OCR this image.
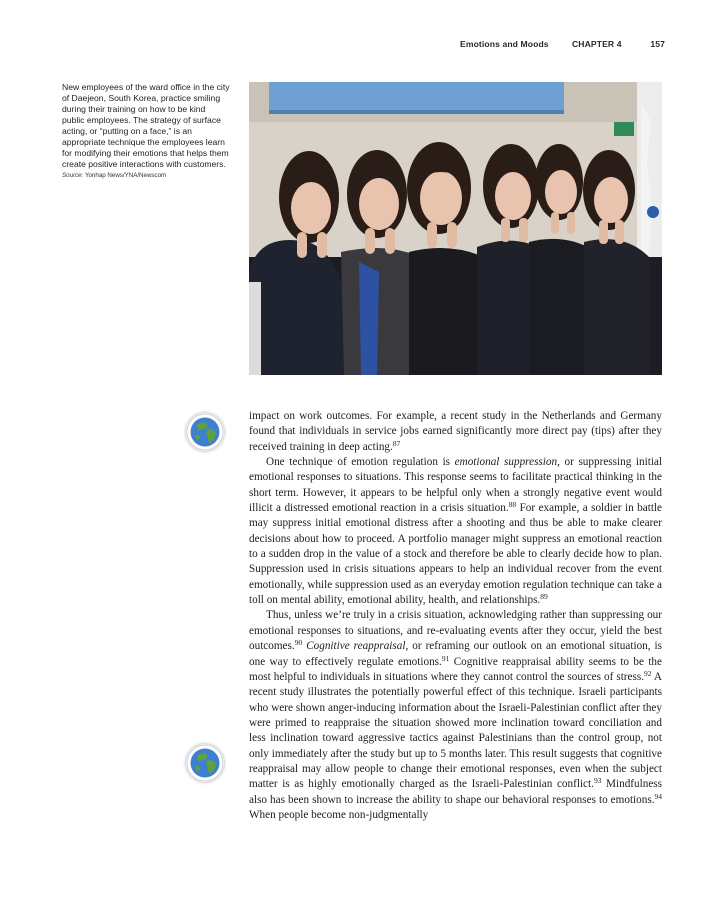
Emotions and Moods	CHAPTER 4	157
New employees of the ward office in the city of Daejeon, South Korea, practice smiling during their training on how to be kind public employees. The strategy of surface acting, or “putting on a face,” is an appropriate technique the employees learn for modifying their emotions that helps them create positive interactions with customers.
Source: Yonhap News/YNA/Newscom

impact on work outcomes. For example, a recent study in the Netherlands and Germany found that individuals in service jobs earned significantly more direct pay (tips) after they received training in deep acting.$^{87}$

One technique of emotion regulation is emotional suppression, or suppressing initial emotional responses to situations. This response seems to facilitate practical thinking in the short term. However, it appears to be helpful only when a strongly negative event would illicit a distressed emotional reaction in a crisis situation.$^{88}$ For example, a soldier in battle may suppress initial emotional distress after a shooting and thus be able to make clearer decisions about how to proceed. A portfolio manager might suppress an emotional reaction to a sudden drop in the value of a stock and therefore be able to clearly decide how to plan. Suppression used in crisis situations appears to help an individual recover from the event emotionally, while suppression used as an everyday emotion regulation technique can take a toll on mental ability, emotional ability, health, and relationships.$^{89}$

Thus, unless we’re truly in a crisis situation, acknowledging rather than suppressing our emotional responses to situations, and re-evaluating events after they occur, yield the best outcomes.$^{90}$ Cognitive reappraisal, or reframing our outlook on an emotional situation, is one way to effectively regulate emotions.$^{91}$ Cognitive reappraisal ability seems to be the most helpful to individuals in situations where they cannot control the sources of stress.$^{92}$ A recent study illustrates the potentially powerful effect of this technique. Israeli participants who were shown anger-inducing information about the Israeli-Palestinian conflict after they were primed to reappraise the situation showed more inclination toward conciliation and less inclination toward aggressive tactics against Palestinians than the control group, not only immediately after the study but up to 5 months later. This result suggests that cognitive reappraisal may allow people to change their emotional responses, even when the subject matter is as highly emotionally charged as the Israeli-Palestinian conflict.$^{93}$ Mindfulness also has been shown to increase the ability to shape our behavioral responses to emotions.$^{94}$ When people become non-judgmentally
